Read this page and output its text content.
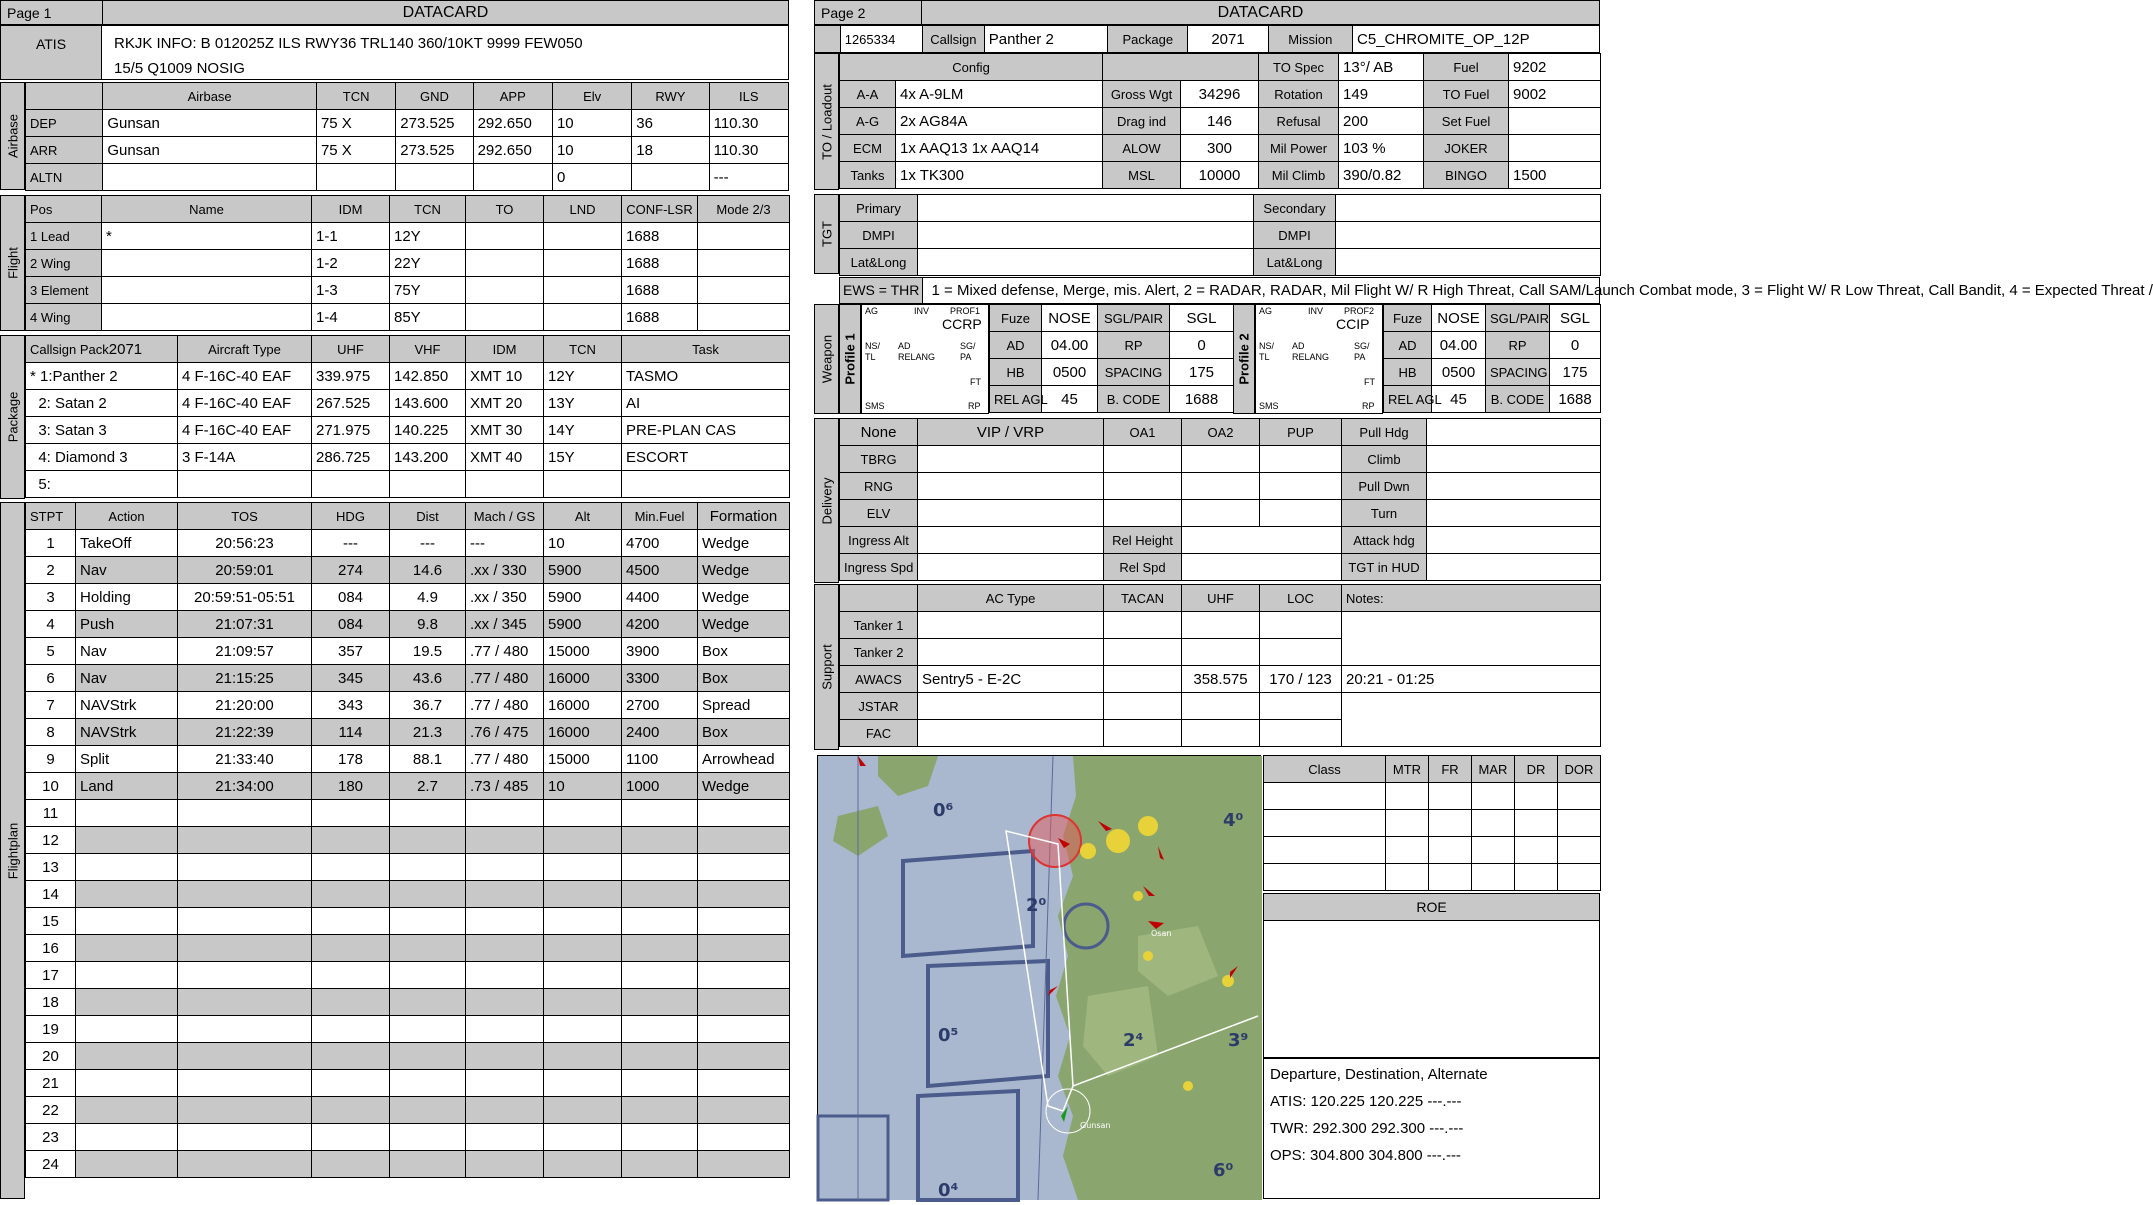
Page 1	DATACARD
ATIS	RKJK INFO: B 012025Z ILS RWY36 TRL140 360/10KT 9999 FEW050
15/5 Q1009 NOSIG
Airbase
	Airbase	TCN	GND	APP	Elv	RWY	ILS
DEP	Gunsan	75 X	273.525	292.650	10	36	110.30
ARR	Gunsan	75 X	273.525	292.650	10	18	110.30
ALTN					0		---
Flight
Pos	Name	IDM	TCN	TO	LND	CONF-LSR	Mode 2/3
1 Lead	*	1-1	12Y			1688	
2 Wing		1-2	22Y			1688	
3 Element		1-3	75Y			1688	
4 Wing		1-4	85Y			1688	
Package
Callsign Pack2071	Aircraft Type	UHF	VHF	IDM	TCN	Task
* 1:Panther 2	4 F-16C-40 EAF	339.975	142.850	XMT 10	12Y	TASMO
2: Satan 2	4 F-16C-40 EAF	267.525	143.600	XMT 20	13Y	AI
3: Satan 3	4 F-16C-40 EAF	271.975	140.225	XMT 30	14Y	PRE-PLAN CAS
4: Diamond 3	3 F-14A	286.725	143.200	XMT 40	15Y	ESCORT
5:						
Flightplan
STPT	Action	TOS	HDG	Dist	Mach / GS	Alt	Min.Fuel	Formation
1	TakeOff	20:56:23	---	---	---	10	4700	Wedge
2	Nav	20:59:01	274	14.6	.xx / 330	5900	4500	Wedge
3	Holding	20:59:51-05:51	084	4.9	.xx / 350	5900	4400	Wedge
4	Push	21:07:31	084	9.8	.xx / 345	5900	4200	Wedge
5	Nav	21:09:57	357	19.5	.77 / 480	15000	3900	Box
6	Nav	21:15:25	345	43.6	.77 / 480	16000	3300	Box
7	NAVStrk	21:20:00	343	36.7	.77 / 480	16000	2700	Spread
8	NAVStrk	21:22:39	114	21.3	.76 / 475	16000	2400	Box
9	Split	21:33:40	178	88.1	.77 / 480	15000	1100	Arrowhead
10	Land	21:34:00	180	2.7	.73 / 485	10	1000	Wedge
11								
12								
13								
14								
15								
16								
17								
18								
19								
20								
21								
22								
23								
24								
Page 2	DATACARD
	1265334	Callsign	Panther 2	Package	2071	Mission	C5_CHROMITE_OP_12P
TO / Loadout
Config				TO Spec	13°/ AB	Fuel	9202
A-A	4x A-9LM	Gross Wgt	34296	Rotation	149	TO Fuel	9002
A-G	2x AG84A	Drag ind	146	Refusal	200	Set Fuel	
ECM	1x AAQ13 1x AAQ14	ALOW	300	Mil Power	103 %	JOKER	
Tanks	1x TK300	MSL	10000	Mil Climb	390/0.82	BINGO	1500
TGT
Primary		Secondary	
DMPI		DMPI	
Lat&Long		Lat&Long	
EWS = THR 1 = Mixed defense, Merge, mis. Alert, 2 = RADAR, RADAR, Mil Flight W/ R High Threat, Call SAM/Launch Combat mode, 3 = Flight W/ R Low Threat, Call Bandit, 4 = Expected Threat /
Weapon Profile 1
AG	INV PROF1
CCRP
NS/
TL
AD
RELANG
SG/
PA
FT
SMS	RP
Fuze	NOSE	SGL/PAIR	SGL
AD	04.00	RP	0
HB	0500	SPACING	175
REL AGL	45	B. CODE	1688
Profile 2
AG	INV PROF2
CCIP
NS/
TL
AD
RELANG
SG/
PA
FT
SMS	RP
Fuze	NOSE	SGL/PAIR	SGL
AD	04.00	RP	0
HB	0500	SPACING	175
REL AGL	45	B. CODE	1688
Delivery
None	VIP / VRP	OA1	OA2	PUP	Pull Hdg	
TBRG					Climb	
RNG					Pull Dwn	
ELV					Turn	
Ingress Alt		Rel Height			Attack hdg	
Ingress Spd		Rel Spd			TGT in HUD	
Support
	AC Type	TACAN	UHF	LOC	Notes:
Tanker 1					
Tanker 2					
AWACS	Sentry5 - E-2C		358.575	170 / 123	20:21 - 01:25
JSTAR					
FAC					
0⁶	4⁰
2⁰
0⁵	2⁴	3⁹
6⁰
0⁴
Gunsan
Osan
Class	MTR	FR	MAR	DR	DOR

ROE
Departure, Destination, Alternate
ATIS: 120.225 120.225 ---.---
TWR: 292.300 292.300 ---.---
OPS: 304.800 304.800 ---.---
